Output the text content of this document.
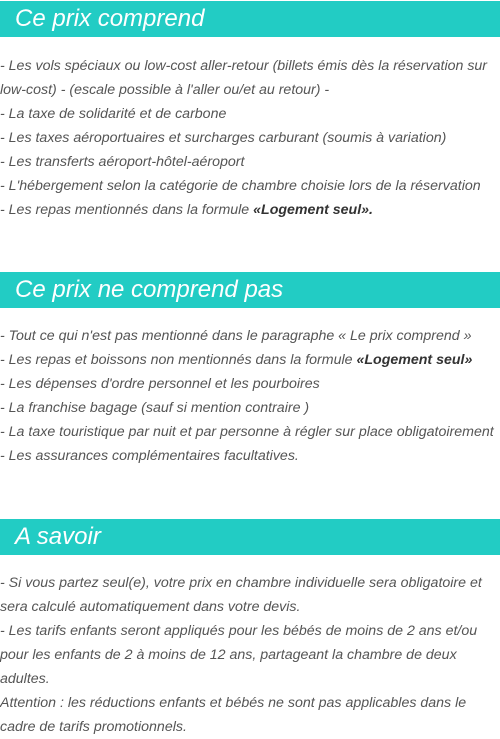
Ce prix comprend

- Les vols spéciaux ou low-cost aller-retour (billets émis dès la réservation sur low-cost) - (escale possible à l'aller ou/et au retour) -

- La taxe de solidarité et de carbone

- Les taxes aéroportuaires et surcharges carburant (soumis à variation)

- Les transferts aéroport-hôtel-aéroport

- L'hébergement selon la catégorie de chambre choisie lors de la réservation

- Les repas mentionnés dans la formule «Logement seul».

Ce prix ne comprend pas

- Tout ce qui n'est pas mentionné dans le paragraphe « Le prix comprend »

- Les repas et boissons non mentionnés dans la formule «Logement seul»

- Les dépenses d'ordre personnel et les pourboires

- La franchise bagage (sauf si mention contraire )

- La taxe touristique par nuit et par personne à régler sur place obligatoirement

- Les assurances complémentaires facultatives.

A savoir

- Si vous partez seul(e), votre prix en chambre individuelle sera obligatoire et sera calculé automatiquement dans votre devis.

- Les tarifs enfants seront appliqués pour les bébés de moins de 2 ans et/ou pour les enfants de 2 à moins de 12 ans, partageant la chambre de deux adultes.

Attention : les réductions enfants et bébés ne sont pas applicables dans le cadre de tarifs promotionnels.
